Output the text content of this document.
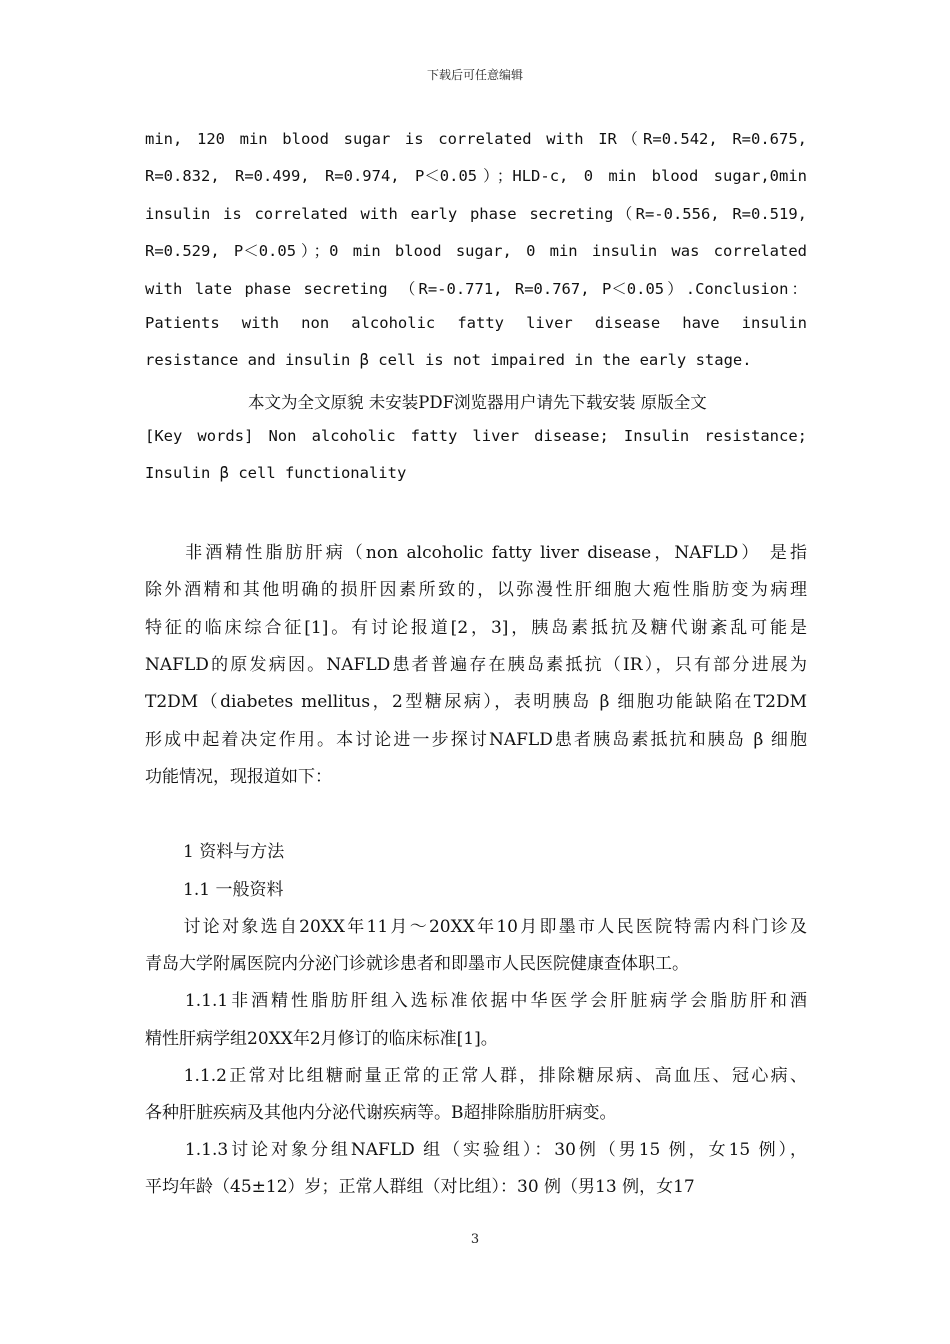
下载后可任意编辑
min, 120 min blood sugar is correlated with IR（R=0.542, R=0.675,
R=0.832, R=0.499, R=0.974, P＜0.05）；HLD-c, 0 min blood sugar,0min
insulin is correlated with early phase secreting（R=-0.556, R=0.519,
R=0.529, P＜0.05）；0 min blood sugar, 0 min insulin was correlated
with late phase secreting （R=-0.771, R=0.767, P＜0.05）.Conclusion：
Patients with non alcoholic fatty liver disease have insulin
resistance and insulin β cell is not impaired in the early stage.
本文为全文原貌 未安装PDF浏览器用户请先下载安装 原版全文
[Key words] Non alcoholic fatty liver disease; Insulin resistance;
Insulin β cell functionality
　　非酒精性脂肪肝病（non alcoholic fatty liver disease，NAFLD） 是指
除外酒精和其他明确的损肝因素所致的，以弥漫性肝细胞大疱性脂肪变为病理
特征的临床综合征[1]。有讨论报道[2，3]，胰岛素抵抗及糖代谢紊乱可能是
NAFLD的原发病因。NAFLD患者普遍存在胰岛素抵抗（IR），只有部分进展为
T2DM（diabetes mellitus，2型糖尿病），表明胰岛 β 细胞功能缺陷在T2DM
形成中起着决定作用。本讨论进一步探讨NAFLD患者胰岛素抵抗和胰岛 β 细胞
功能情况，现报道如下：
1 资料与方法
1.1 一般资料
　　讨论对象选自20XX年11月～20XX年10月即墨市人民医院特需内科门诊及
青岛大学附属医院内分泌门诊就诊患者和即墨市人民医院健康查体职工。
　　1.1.1非酒精性脂肪肝组入选标准依据中华医学会肝脏病学会脂肪肝和酒
精性肝病学组20XX年2月修订的临床标准[1]。
　　1.1.2正常对比组糖耐量正常的正常人群，排除糖尿病、高血压、冠心病、
各种肝脏疾病及其他内分泌代谢疾病等。B超排除脂肪肝病变。
　　1.1.3讨论对象分组NAFLD 组（实验组）：30例（男15 例，女15 例），
平均年龄（45±12）岁；正常人群组（对比组）：30 例（男13 例，女17
3
